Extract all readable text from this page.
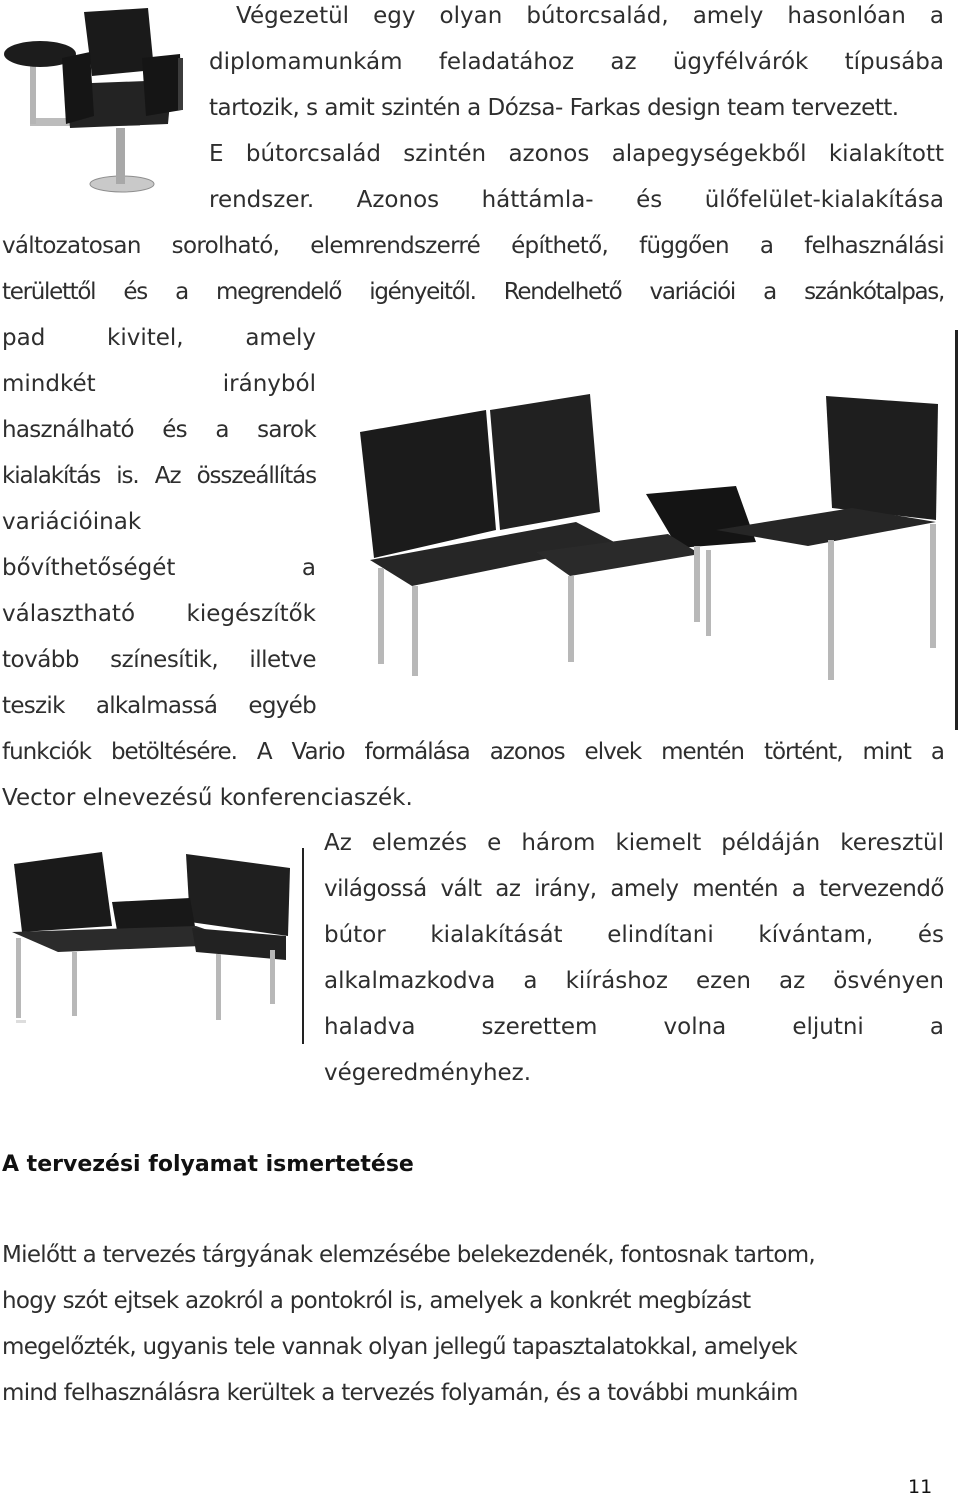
Végezetül egy olyan bútorcsalád, amely hasonlóan a
diplomamunkám feladatához az ügyfélvárók típusába
tartozik, s amit szintén a Dózsa- Farkas design team tervezett.
E bútorcsalád szintén azonos alapegységekből kialakított
rendszer. Azonos háttámla- és ülőfelület-kialakítása
változatosan sorolható, elemrendszerré építhető, függően a felhasználási
területtől és a megrendelő igényeitől. Rendelhető variációi a szánkótalpas,
pad kivitel, amely
mindkét irányból
használható és a sarok
kialakítás is. Az összeállítás
variációinak
bővíthetőségét a
választható kiegészítők
tovább színesítik, illetve
teszik alkalmassá egyéb
funkciók betöltésére. A Vario formálása azonos elvek mentén történt, mint a
Vector elnevezésű konferenciaszék.
Az elemzés e három kiemelt példáján keresztül
világossá vált az irány, amely mentén a tervezendő
bútor kialakítását elindítani kívántam, és
alkalmazkodva a kiíráshoz ezen az ösvényen
haladva szerettem volna eljutni a
végeredményhez.
A tervezési folyamat ismertetése
Mielőtt a tervezés tárgyának elemzésébe belekezdenék, fontosnak tartom,
hogy szót ejtsek azokról a pontokról is, amelyek a konkrét megbízást
megelőzték, ugyanis tele vannak olyan jellegű tapasztalatokkal, amelyek
mind felhasználásra kerültek a tervezés folyamán, és a további munkáim
11
